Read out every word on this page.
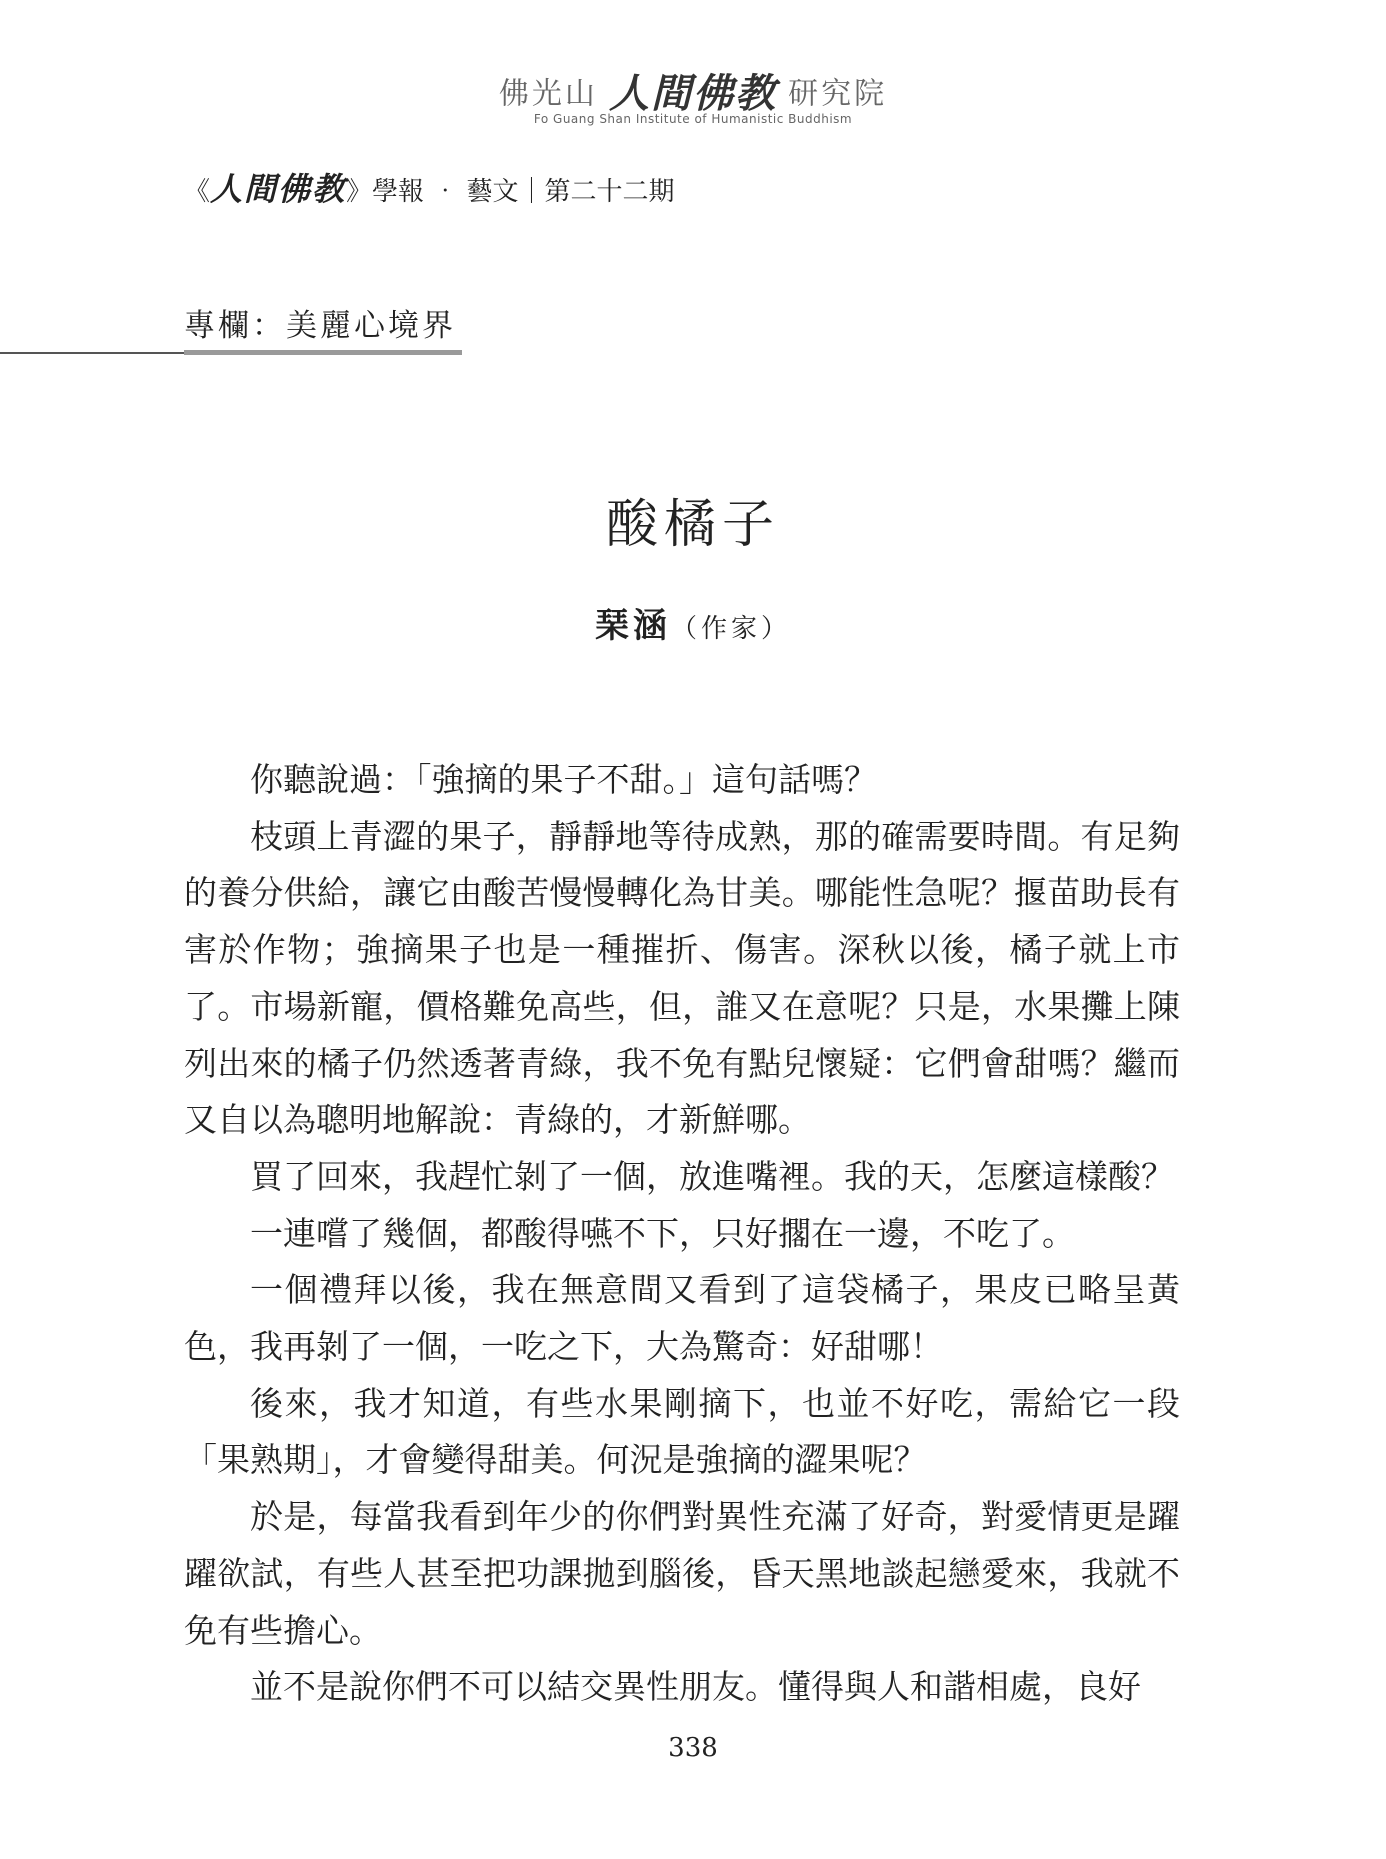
佛光山 人間佛教 研究院
Fo Guang Shan Institute of Humanistic Buddhism
《人間佛教》學報 ‧ 藝文｜第二十二期
專欄：美麗心境界
酸橘子
琹涵（作家）

你聽說過：「強摘的果子不甜。」這句話嗎？

枝頭上青澀的果子，靜靜地等待成熟，那的確需要時間。有足夠的養分供給，讓它由酸苦慢慢轉化為甘美。哪能性急呢？揠苗助長有害於作物；強摘果子也是一種摧折、傷害。深秋以後，橘子就上市了。市場新寵，價格難免高些，但，誰又在意呢？只是，水果攤上陳列出來的橘子仍然透著青綠，我不免有點兒懷疑：它們會甜嗎？繼而又自以為聰明地解說：青綠的，才新鮮哪。

買了回來，我趕忙剝了一個，放進嘴裡。我的天，怎麼這樣酸？

一連嚐了幾個，都酸得嚥不下，只好擱在一邊，不吃了。

一個禮拜以後，我在無意間又看到了這袋橘子，果皮已略呈黃色，我再剝了一個，一吃之下，大為驚奇：好甜哪！

後來，我才知道，有些水果剛摘下，也並不好吃，需給它一段「果熟期」，才會變得甜美。何況是強摘的澀果呢？

於是，每當我看到年少的你們對異性充滿了好奇，對愛情更是躍躍欲試，有些人甚至把功課拋到腦後，昏天黑地談起戀愛來，我就不免有些擔心。

並不是說你們不可以結交異性朋友。懂得與人和諧相處，良好

338
